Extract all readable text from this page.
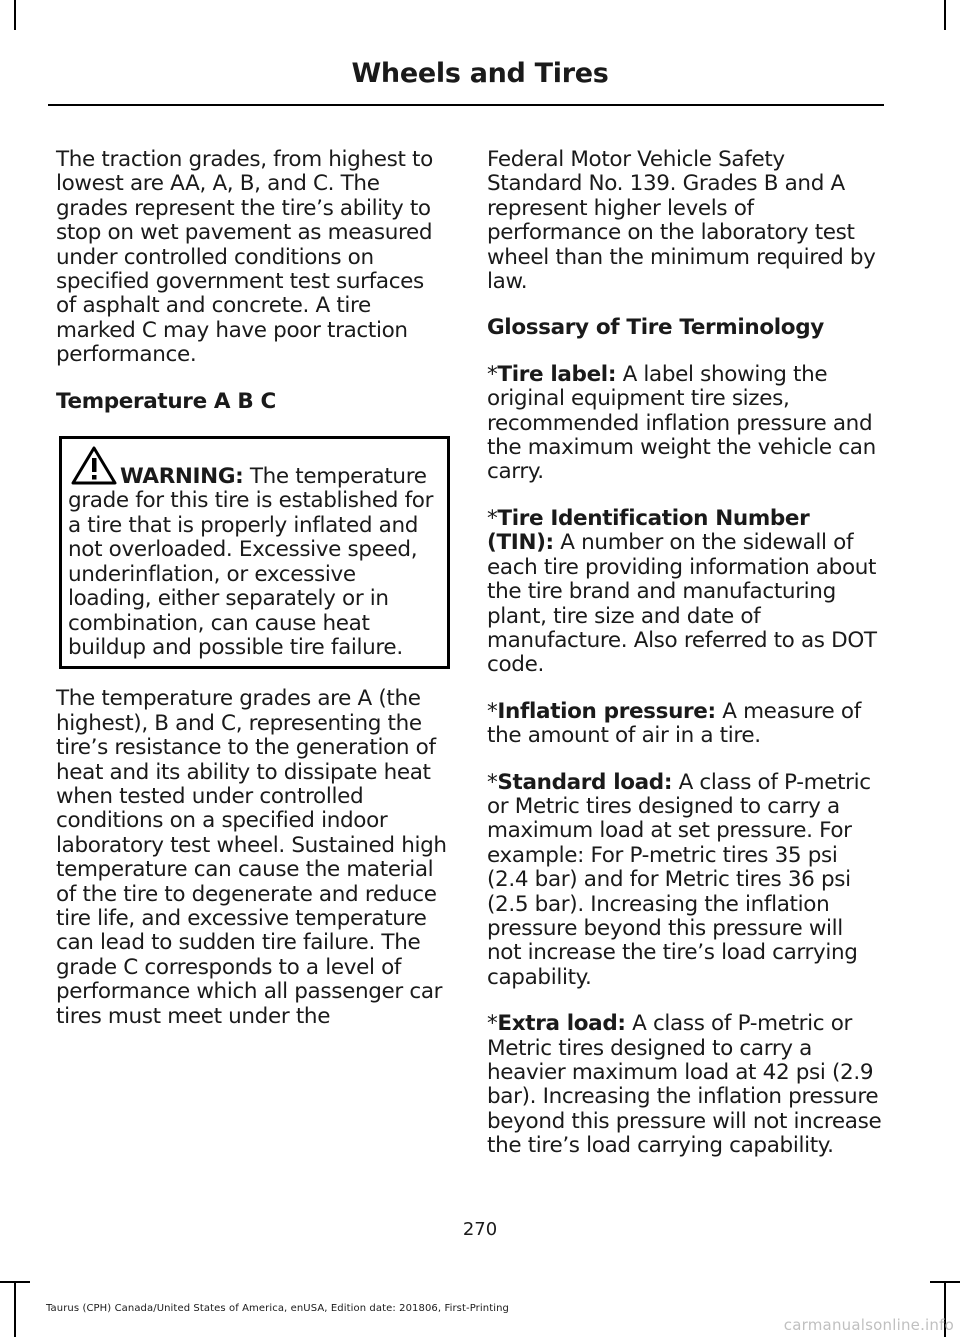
Wheels and Tires

The traction grades, from highest to lowest are AA, A, B, and C. The grades represent the tire’s ability to stop on wet pavement as measured under controlled conditions on specified government test surfaces of asphalt and concrete. A tire marked C may have poor traction performance.

Temperature A B C
WARNING: The temperature grade for this tire is established for a tire that is properly inflated and not overloaded. Excessive speed, underinflation, or excessive loading, either separately or in combination, can cause heat buildup and possible tire failure.

The temperature grades are A (the highest), B and C, representing the tire’s resistance to the generation of heat and its ability to dissipate heat when tested under controlled conditions on a specified indoor laboratory test wheel. Sustained high temperature can cause the material of the tire to degenerate and reduce tire life, and excessive temperature can lead to sudden tire failure. The grade C corresponds to a level of performance which all passenger car tires must meet under the

Federal Motor Vehicle Safety Standard No. 139. Grades B and A represent higher levels of performance on the laboratory test wheel than the minimum required by law.

Glossary of Tire Terminology
*Tire label: A label showing the original equipment tire sizes, recommended inflation pressure and the maximum weight the vehicle can carry.
*Tire Identification Number (TIN): A number on the sidewall of each tire providing information about the tire brand and manufacturing plant, tire size and date of manufacture. Also referred to as DOT code.
*Inflation pressure: A measure of the amount of air in a tire.
*Standard load: A class of P-metric or Metric tires designed to carry a maximum load at set pressure. For example: For P-metric tires 35 psi (2.4 bar) and for Metric tires 36 psi (2.5 bar). Increasing the inflation pressure beyond this pressure will not increase the tire’s load carrying capability.
*Extra load: A class of P-metric or Metric tires designed to carry a heavier maximum load at 42 psi (2.9 bar). Increasing the inflation pressure beyond this pressure will not increase the tire’s load carrying capability.
270
Taurus (CPH) Canada/United States of America, enUSA, Edition date: 201806, First-Printing
carmanualsonline.info
